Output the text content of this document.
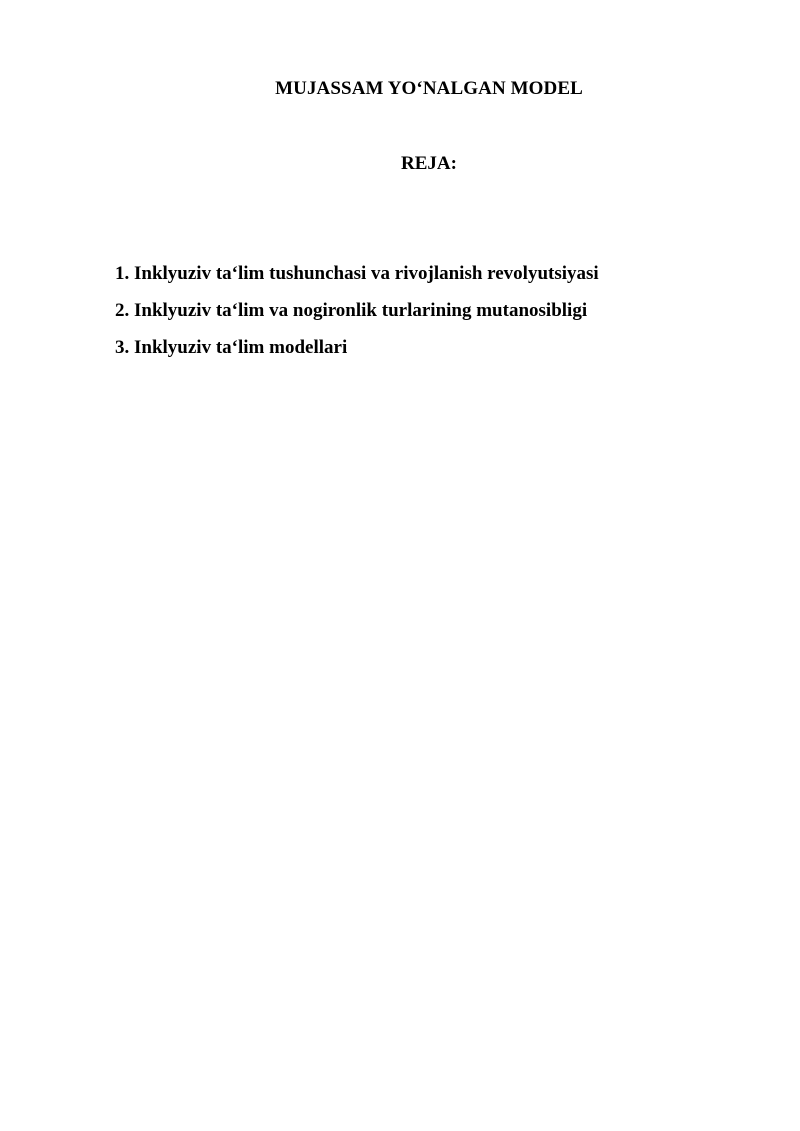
MUJASSAM YO‘NALGAN MODEL
REJA:
1. Inklyuziv ta‘lim tushunchasi va rivojlanish revolyutsiyasi
2. Inklyuziv ta‘lim va nogironlik turlarining mutanosibligi
3. Inklyuziv ta‘lim modellari
